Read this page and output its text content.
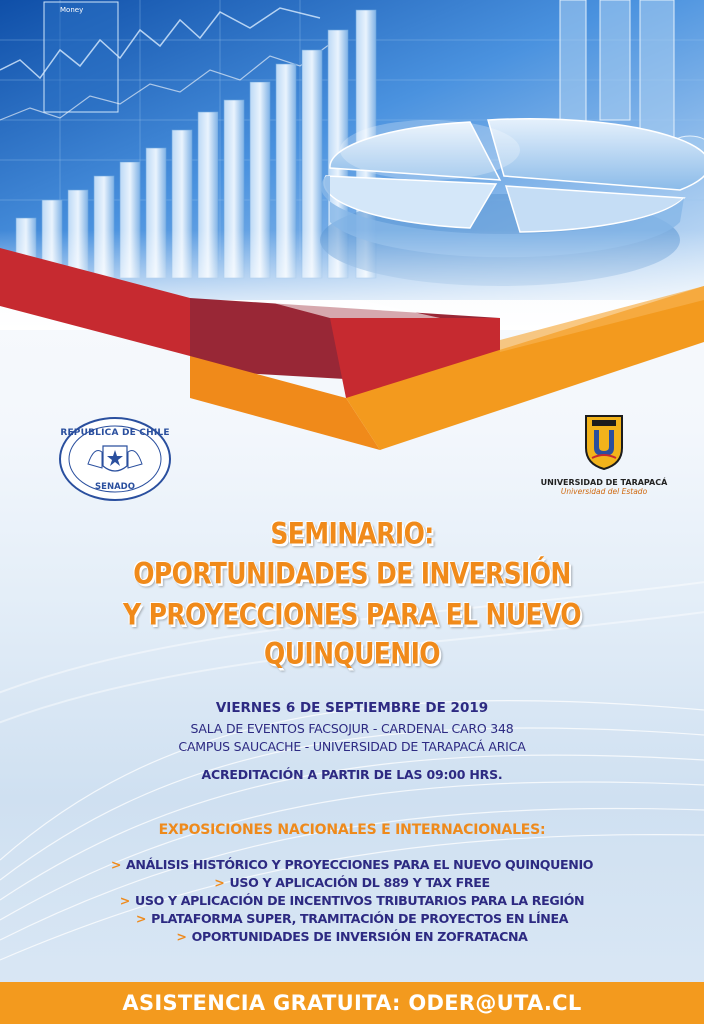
Money
REPUBLICA DE CHILE
SENADO	UNIVERSIDAD DE TARAPACÁ
Universidad del Estado
SEMINARIO:
OPORTUNIDADES DE INVERSIÓN
Y PROYECCIONES PARA EL NUEVO
QUINQUENIO
VIERNES 6 DE SEPTIEMBRE DE 2019
SALA DE EVENTOS FACSOJUR - CARDENAL CARO 348
CAMPUS SAUCACHE - UNIVERSIDAD DE TARAPACÁ ARICA
ACREDITACIÓN A PARTIR DE LAS 09:00 HRS.
EXPOSICIONES NACIONALES E INTERNACIONALES:
> ANÁLISIS HISTÓRICO Y PROYECCIONES PARA EL NUEVO QUINQUENIO
> USO Y APLICACIÓN DL 889 Y TAX FREE
> USO Y APLICACIÓN DE INCENTIVOS TRIBUTARIOS PARA LA REGIÓN
> PLATAFORMA SUPER, TRAMITACIÓN DE PROYECTOS EN LÍNEA
> OPORTUNIDADES DE INVERSIÓN EN ZOFRATACNA
ASISTENCIA GRATUITA: ODER@UTA.CL
